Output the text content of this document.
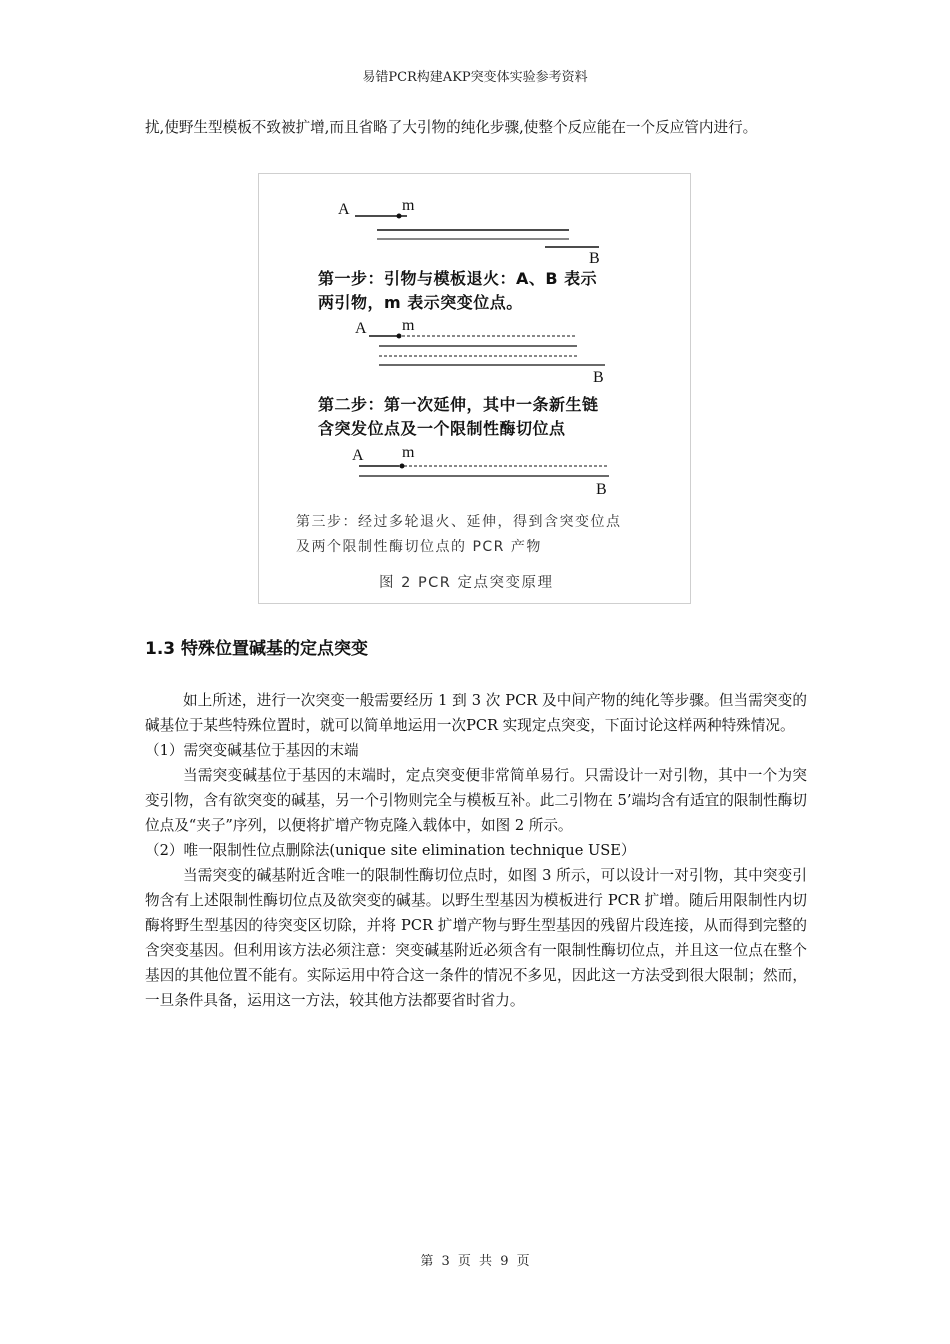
易错PCR构建AKP突变体实验参考资料
扰,使野生型模板不致被扩增,而且省略了大引物的纯化步骤,使整个反应能在一个反应管内进行。
A	m
B
第一步：引物与模板退火：A、B 表示
两引物，m 表示突变位点。
A m
B
第二步：第一次延伸，其中一条新生链
含突发位点及一个限制性酶切位点
A m
B
第三步：经过多轮退火、延伸，得到含突变位点
及两个限制性酶切位点的 PCR 产物
图 2 PCR 定点突变原理
1.3 特殊位置碱基的定点突变

如上所述，进行一次突变一般需要经历 1 到 3 次 PCR 及中间产物的纯化等步骤。但当需突变的碱基位于某些特殊位置时，就可以简单地运用一次PCR 实现定点突变，下面讨论这样两种特殊情况。

（1）需突变碱基位于基因的末端

当需突变碱基位于基因的末端时，定点突变便非常简单易行。只需设计一对引物，其中一个为突变引物，含有欲突变的碱基，另一个引物则完全与模板互补。此二引物在 5’端均含有适宜的限制性酶切位点及“夹子”序列，以便将扩增产物克隆入载体中，如图 2 所示。

（2）唯一限制性位点删除法(unique site elimination technique USE）

当需突变的碱基附近含唯一的限制性酶切位点时，如图 3 所示，可以设计一对引物，其中突变引物含有上述限制性酶切位点及欲突变的碱基。以野生型基因为模板进行 PCR 扩增。随后用限制性内切酶将野生型基因的待突变区切除，并将 PCR 扩增产物与野生型基因的残留片段连接，从而得到完整的含突变基因。但利用该方法必须注意：突变碱基附近必须含有一限制性酶切位点，并且这一位点在整个基因的其他位置不能有。实际运用中符合这一条件的情况不多见，因此这一方法受到很大限制；然而，一旦条件具备，运用这一方法，较其他方法都要省时省力。

第 3 页 共 9 页
